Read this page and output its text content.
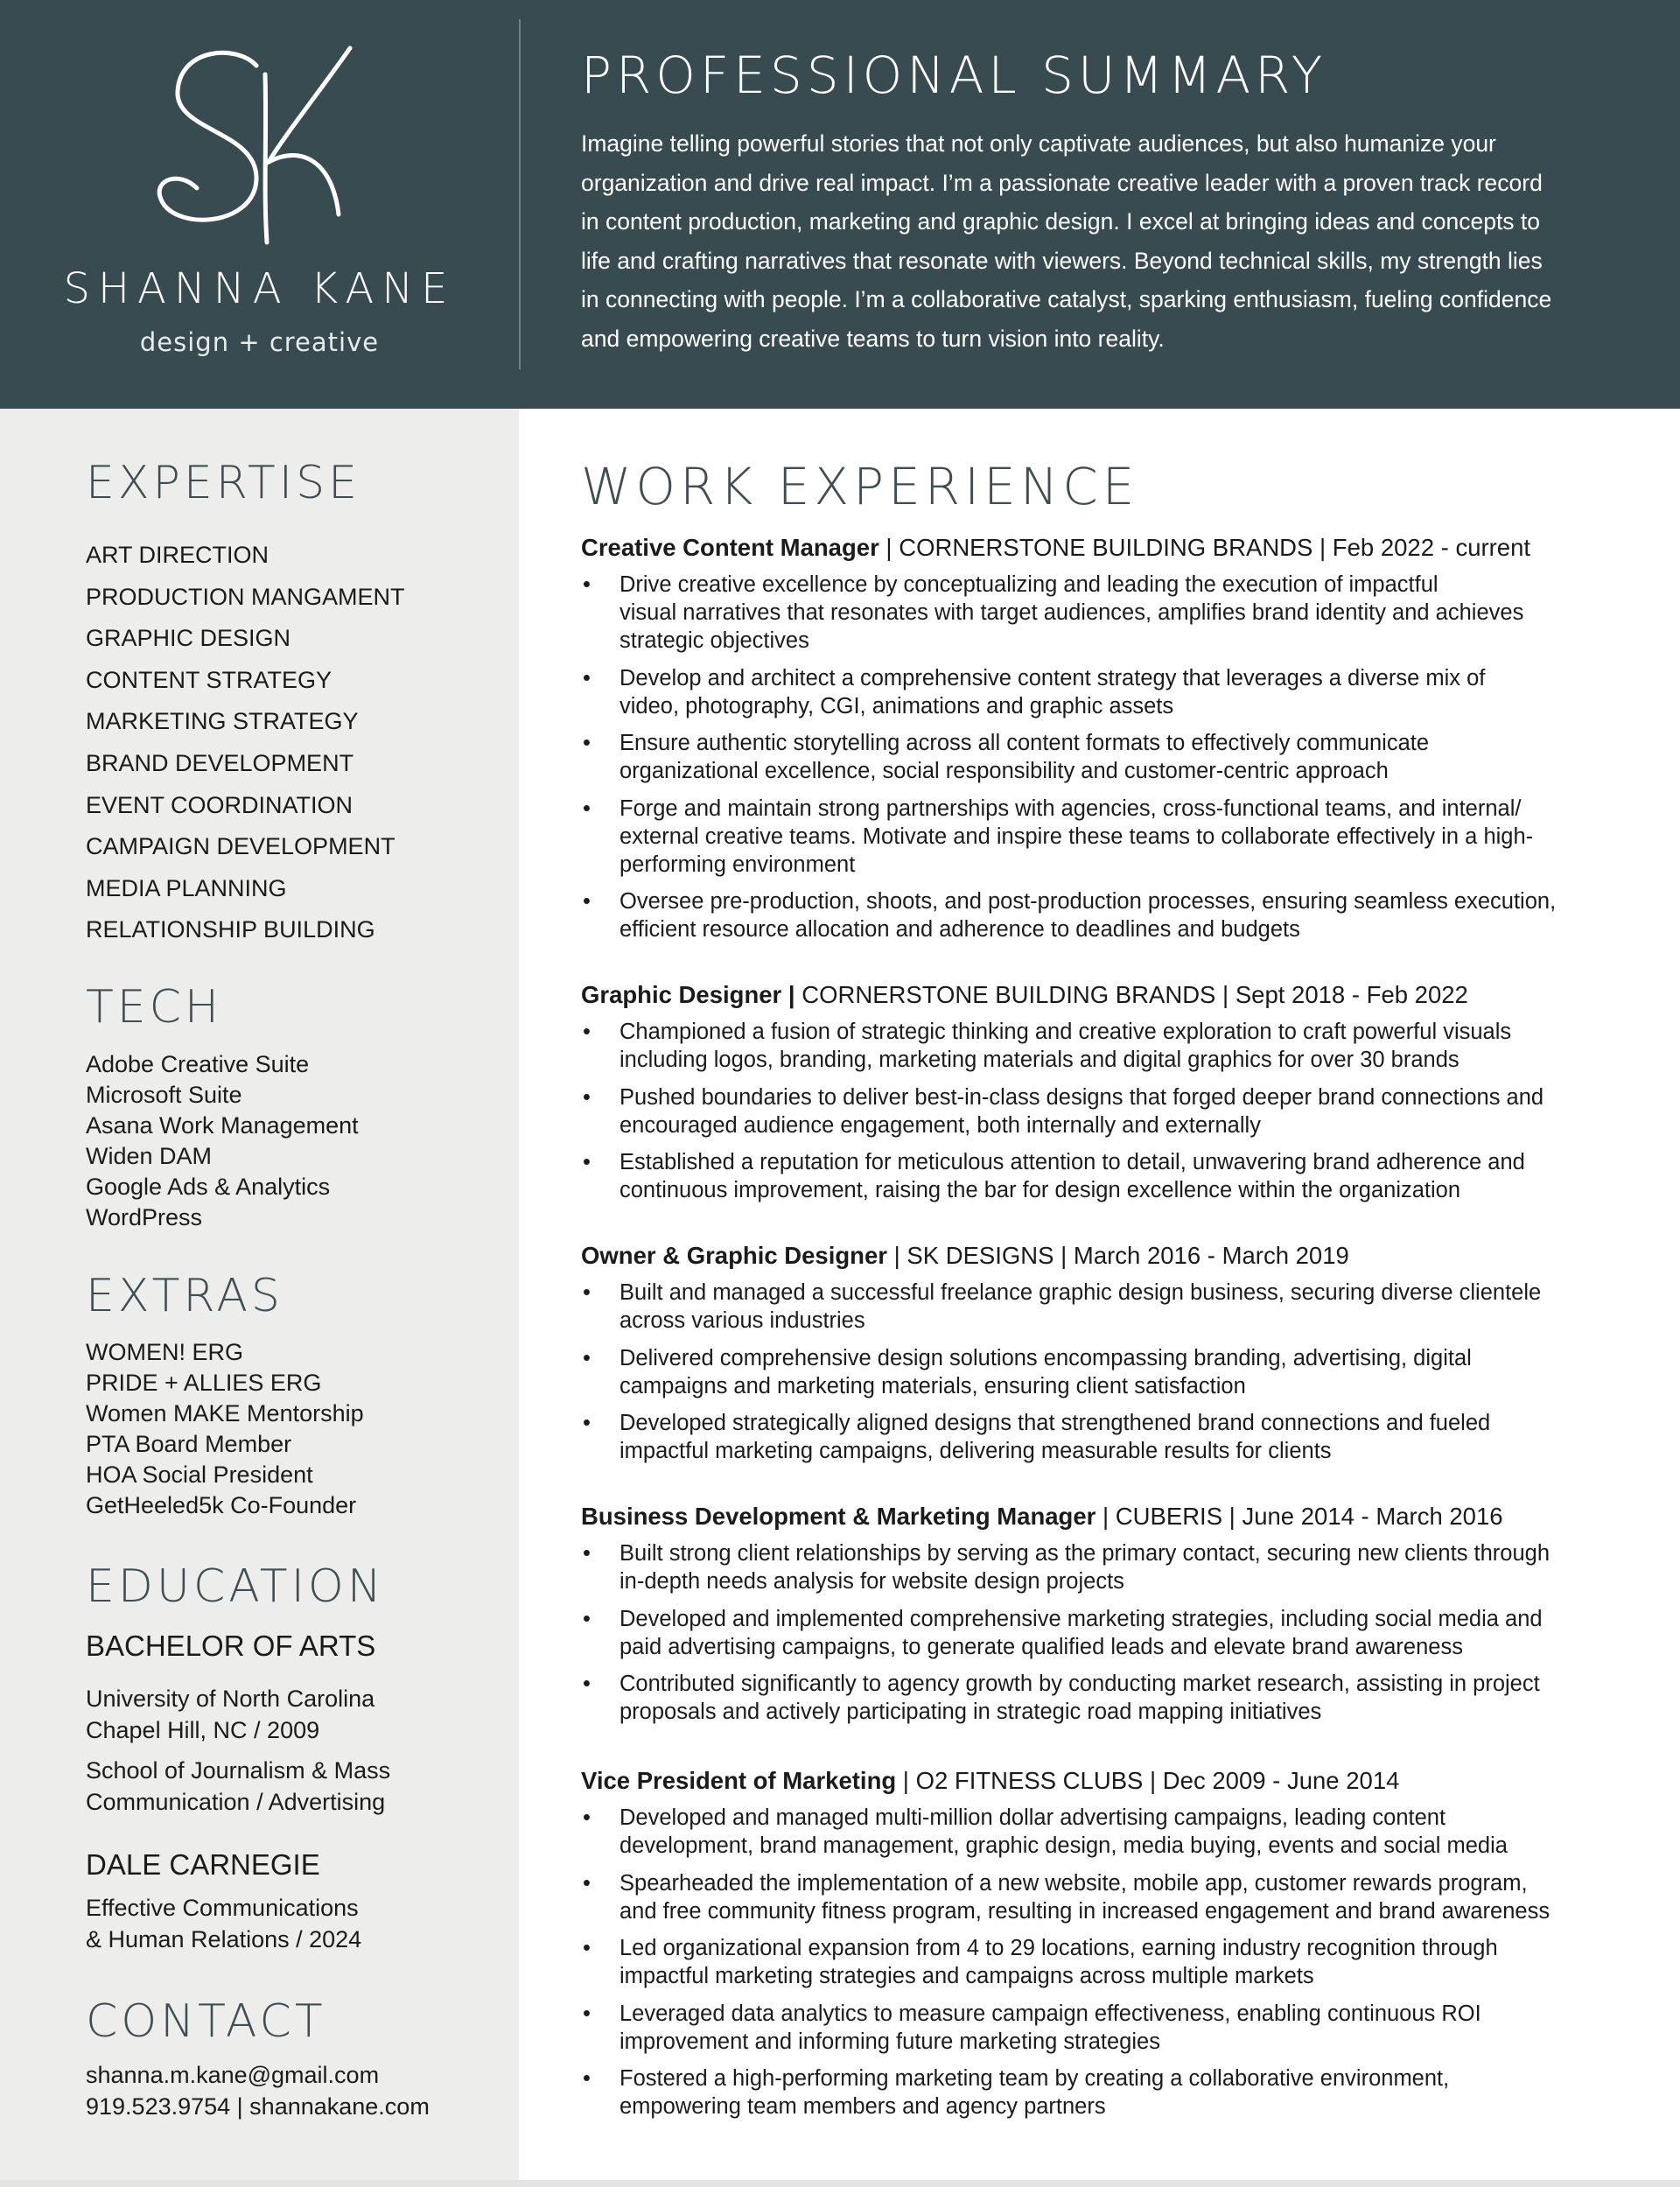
SHANNA KANE
design + creative
PROFESSIONAL SUMMARY
Imagine telling powerful stories that not only captivate audiences, but also humanize your
organization and drive real impact. I’m a passionate creative leader with a proven track record
in content production, marketing and graphic design. I excel at bringing ideas and concepts to
life and crafting narratives that resonate with viewers. Beyond technical skills, my strength lies
in connecting with people. I’m a collaborative catalyst, sparking enthusiasm, fueling confidence
and empowering creative teams to turn vision into reality.
EXPERTISE
ART DIRECTION
PRODUCTION MANGAMENT
GRAPHIC DESIGN
CONTENT STRATEGY
MARKETING STRATEGY
BRAND DEVELOPMENT
EVENT COORDINATION
CAMPAIGN DEVELOPMENT
MEDIA PLANNING
RELATIONSHIP BUILDING
TECH
Adobe Creative Suite
Microsoft Suite
Asana Work Management
Widen DAM
Google Ads & Analytics
WordPress
EXTRAS
WOMEN! ERG
PRIDE + ALLIES ERG
Women MAKE Mentorship
PTA Board Member
HOA Social President
GetHeeled5k Co-Founder
EDUCATION
BACHELOR OF ARTS
University of North Carolina
Chapel Hill, NC / 2009
School of Journalism & Mass
Communication / Advertising
DALE CARNEGIE
Effective Communications
& Human Relations / 2024
CONTACT
shanna.m.kane@gmail.com
919.523.9754 | shannakane.com
WORK EXPERIENCE
Creative Content Manager | CORNERSTONE BUILDING BRANDS | Feb 2022 - current
• Drive creative excellence by conceptualizing and leading the execution of impactful
visual narratives that resonates with target audiences, amplifies brand identity and achieves
strategic objectives
• Develop and architect a comprehensive content strategy that leverages a diverse mix of
video, photography, CGI, animations and graphic assets
• Ensure authentic storytelling across all content formats to effectively communicate
organizational excellence, social responsibility and customer-centric approach
• Forge and maintain strong partnerships with agencies, cross-functional teams, and internal/
external creative teams. Motivate and inspire these teams to collaborate effectively in a high-
performing environment
• Oversee pre-production, shoots, and post-production processes, ensuring seamless execution,
efficient resource allocation and adherence to deadlines and budgets
Graphic Designer | CORNERSTONE BUILDING BRANDS | Sept 2018 - Feb 2022
• Championed a fusion of strategic thinking and creative exploration to craft powerful visuals
including logos, branding, marketing materials and digital graphics for over 30 brands
• Pushed boundaries to deliver best-in-class designs that forged deeper brand connections and
encouraged audience engagement, both internally and externally
• Established a reputation for meticulous attention to detail, unwavering brand adherence and
continuous improvement, raising the bar for design excellence within the organization
Owner & Graphic Designer | SK DESIGNS | March 2016 - March 2019
• Built and managed a successful freelance graphic design business, securing diverse clientele
across various industries
• Delivered comprehensive design solutions encompassing branding, advertising, digital
campaigns and marketing materials, ensuring client satisfaction
• Developed strategically aligned designs that strengthened brand connections and fueled
impactful marketing campaigns, delivering measurable results for clients
Business Development & Marketing Manager | CUBERIS | June 2014 - March 2016
• Built strong client relationships by serving as the primary contact, securing new clients through
in-depth needs analysis for website design projects
• Developed and implemented comprehensive marketing strategies, including social media and
paid advertising campaigns, to generate qualified leads and elevate brand awareness
• Contributed significantly to agency growth by conducting market research, assisting in project
proposals and actively participating in strategic road mapping initiatives
Vice President of Marketing | O2 FITNESS CLUBS | Dec 2009 - June 2014
• Developed and managed multi-million dollar advertising campaigns, leading content
development, brand management, graphic design, media buying, events and social media
• Spearheaded the implementation of a new website, mobile app, customer rewards program,
and free community fitness program, resulting in increased engagement and brand awareness
• Led organizational expansion from 4 to 29 locations, earning industry recognition through
impactful marketing strategies and campaigns across multiple markets
• Leveraged data analytics to measure campaign effectiveness, enabling continuous ROI
improvement and informing future marketing strategies
• Fostered a high-performing marketing team by creating a collaborative environment,
empowering team members and agency partners
